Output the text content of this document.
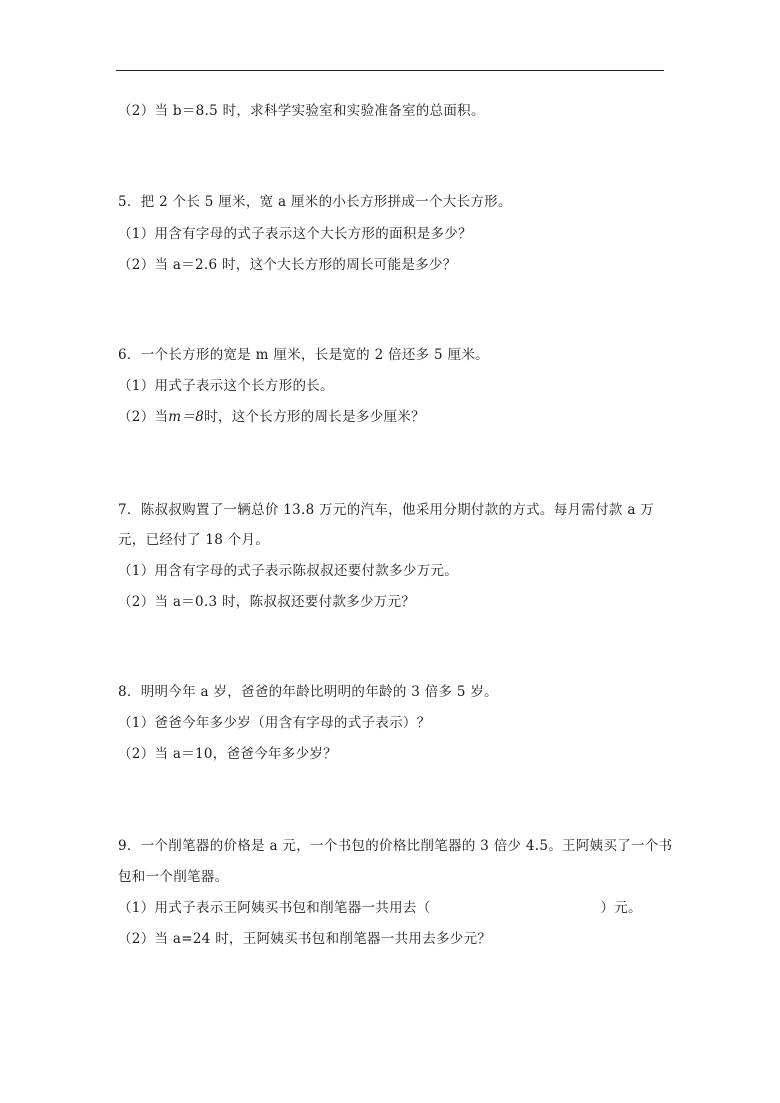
（2）当 b＝8.5 时，求科学实验室和实验准备室的总面积。
5．把 2 个长 5 厘米，宽 a 厘米的小长方形拼成一个大长方形。
（1）用含有字母的式子表示这个大长方形的面积是多少？
（2）当 a＝2.6 时，这个大长方形的周长可能是多少？
6．一个长方形的宽是 m 厘米，长是宽的 2 倍还多 5 厘米。
（1）用式子表示这个长方形的长。
（2）当m＝8时，这个长方形的周长是多少厘米？
7．陈叔叔购置了一辆总价 13.8 万元的汽车，他采用分期付款的方式。每月需付款 a 万
元，已经付了 18 个月。
（1）用含有字母的式子表示陈叔叔还要付款多少万元。
（2）当 a＝0.3 时，陈叔叔还要付款多少万元？
8．明明今年 a 岁，爸爸的年龄比明明的年龄的 3 倍多 5 岁。
（1）爸爸今年多少岁（用含有字母的式子表示）？
（2）当 a＝10，爸爸今年多少岁？
9．一个削笔器的价格是 a 元，一个书包的价格比削笔器的 3 倍少 4.5。王阿姨买了一个书
包和一个削笔器。
（1）用式子表示王阿姨买书包和削笔器一共用去（	）元。
（2）当 a=24 时，王阿姨买书包和削笔器一共用去多少元？
